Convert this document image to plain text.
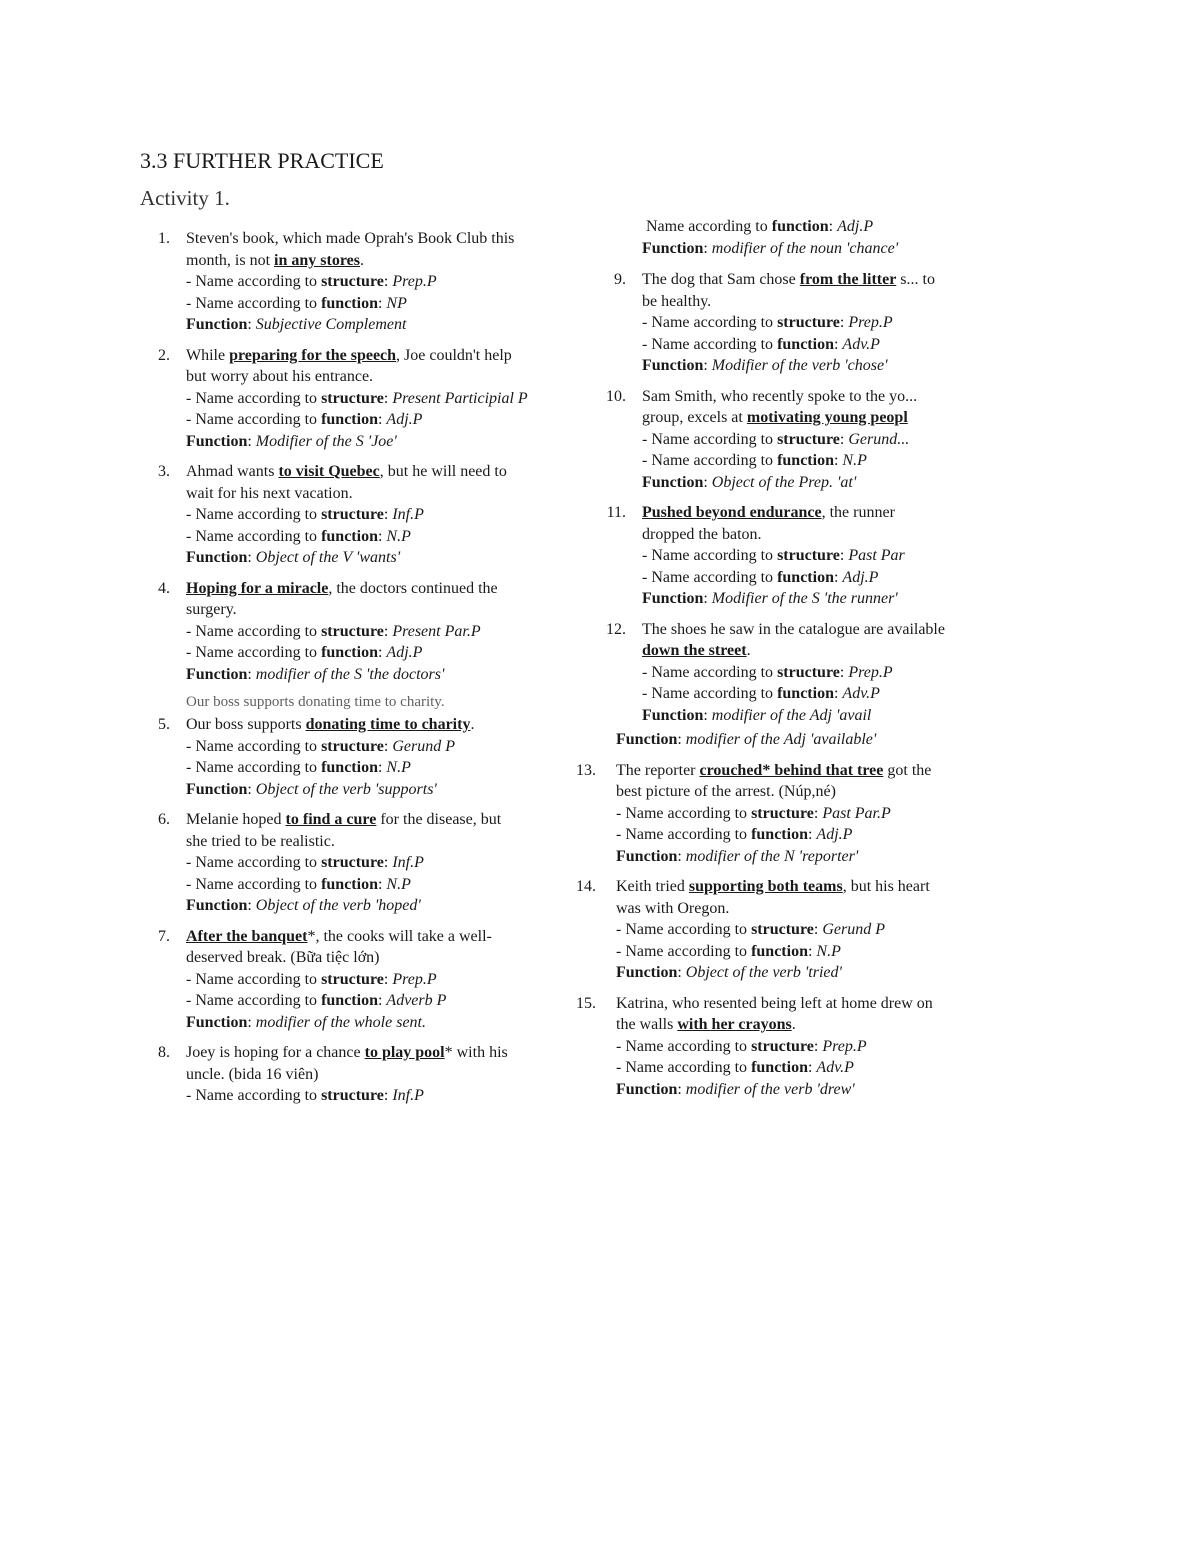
3.3 FURTHER PRACTICE
Activity 1.
1. Steven's book, which made Oprah's Book Club this month, is not in any stores.
- Name according to structure: Prep.P
- Name according to function: NP
Function: Subjective Complement
2. While preparing for the speech, Joe couldn't help but worry about his entrance.
- Name according to structure: Present Participial P
- Name according to function: Adj.P
Function: Modifier of the S 'Joe'
3. Ahmad wants to visit Quebec, but he will need to wait for his next vacation.
- Name according to structure: Inf.P
- Name according to function: N.P
Function: Object of the V 'wants'
4. Hoping for a miracle, the doctors continued the surgery.
- Name according to structure: Present Par.P
- Name according to function: Adj.P
Function: modifier of the S 'the doctors'
Our boss supports donating time to charity.
5. Our boss supports donating time to charity.
- Name according to structure: Gerund P
- Name according to function: N.P
Function: Object of the verb 'supports'
6. Melanie hoped to find a cure for the disease, but she tried to be realistic.
- Name according to structure: Inf.P
- Name according to function: N.P
Function: Object of the verb 'hoped'
7. After the banquet*, the cooks will take a well-deserved break. (Bữa tiệc lớn)
- Name according to structure: Prep.P
- Name according to function: Adverb P
Function: modifier of the whole sent.
8. Joey is hoping for a chance to play pool* with his uncle. (bida 16 viên)
- Name according to structure: Inf.P
Name according to function: Adj.P
Function: modifier of the noun 'chance'
9. The dog that Sam chose from the litter s... to be healthy.
- Name according to structure: Prep.P
- Name according to function: Adv.P
Function: Modifier of the verb 'chose'
10. Sam Smith, who recently spoke to the yo... group, excels at motivating young peopl
- Name according to structure: Gerund...
- Name according to function: N.P
Function: Object of the Prep. 'at'
11. Pushed beyond endurance, the runner dropped the baton.
- Name according to structure: Past Par
- Name according to function: Adj.P
Function: Modifier of the S 'the runner'
12. The shoes he saw in the catalogue are available down the street.
- Name according to structure: Prep.P
- Name according to function: Adv.P
Function: modifier of the Adj 'avail
Function: modifier of the Adj 'available'
13. The reporter crouched* behind that tree got the best picture of the arrest. (Núp,né)
- Name according to structure: Past Par.P
- Name according to function: Adj.P
Function: modifier of the N 'reporter'
14. Keith tried supporting both teams, but his heart was with Oregon.
- Name according to structure: Gerund P
- Name according to function: N.P
Function: Object of the verb 'tried'
15. Katrina, who resented being left at home drew on the walls with her crayons.
- Name according to structure: Prep.P
- Name according to function: Adv.P
Function: modifier of the verb 'drew'
